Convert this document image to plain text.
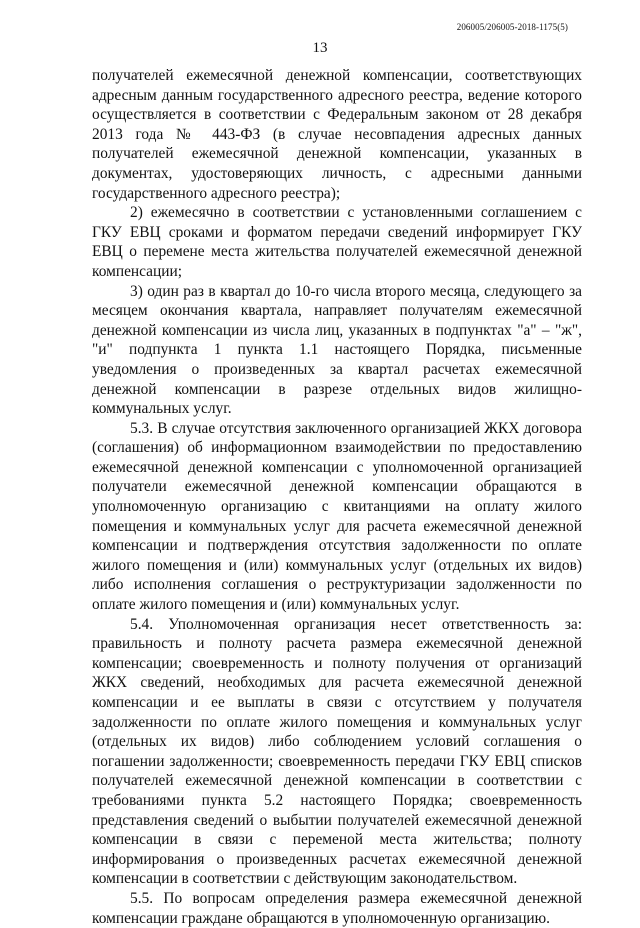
206005/206005-2018-1175(5)
13

получателей ежемесячной денежной компенсации, соответствующих адресным данным государственного адресного реестра, ведение которого осуществляется в соответствии с Федеральным законом от 28 декабря 2013 года № 443-ФЗ (в случае несовпадения адресных данных получателей ежемесячной денежной компенсации, указанных в документах, удостоверяющих личность, с адресными данными государственного адресного реестра);

2) ежемесячно в соответствии с установленными соглашением с ГКУ ЕВЦ сроками и форматом передачи сведений информирует ГКУ ЕВЦ о перемене места жительства получателей ежемесячной денежной компенсации;

3) один раз в квартал до 10-го числа второго месяца, следующего за месяцем окончания квартала, направляет получателям ежемесячной денежной компенсации из числа лиц, указанных в подпунктах "а" – "ж", "и" подпункта 1 пункта 1.1 настоящего Порядка, письменные уведомления о произведенных за квартал расчетах ежемесячной денежной компенсации в разрезе отдельных видов жилищно-коммунальных услуг.

5.3. В случае отсутствия заключенного организацией ЖКХ договора (соглашения) об информационном взаимодействии по предоставлению ежемесячной денежной компенсации с уполномоченной организацией получатели ежемесячной денежной компенсации обращаются в уполномоченную организацию с квитанциями на оплату жилого помещения и коммунальных услуг для расчета ежемесячной денежной компенсации и подтверждения отсутствия задолженности по оплате жилого помещения и (или) коммунальных услуг (отдельных их видов) либо исполнения соглашения о реструктуризации задолженности по оплате жилого помещения и (или) коммунальных услуг.

5.4. Уполномоченная организация несет ответственность за: правильность и полноту расчета размера ежемесячной денежной компенсации; своевременность и полноту получения от организаций ЖКХ сведений, необходимых для расчета ежемесячной денежной компенсации и ее выплаты в связи с отсутствием у получателя задолженности по оплате жилого помещения и коммунальных услуг (отдельных их видов) либо соблюдением условий соглашения о погашении задолженности; своевременность передачи ГКУ ЕВЦ списков получателей ежемесячной денежной компенсации в соответствии с требованиями пункта 5.2 настоящего Порядка; своевременность представления сведений о выбытии получателей ежемесячной денежной компенсации в связи с переменой места жительства; полноту информирования о произведенных расчетах ежемесячной денежной компенсации в соответствии с действующим законодательством.

5.5. По вопросам определения размера ежемесячной денежной компенсации граждане обращаются в уполномоченную организацию.
